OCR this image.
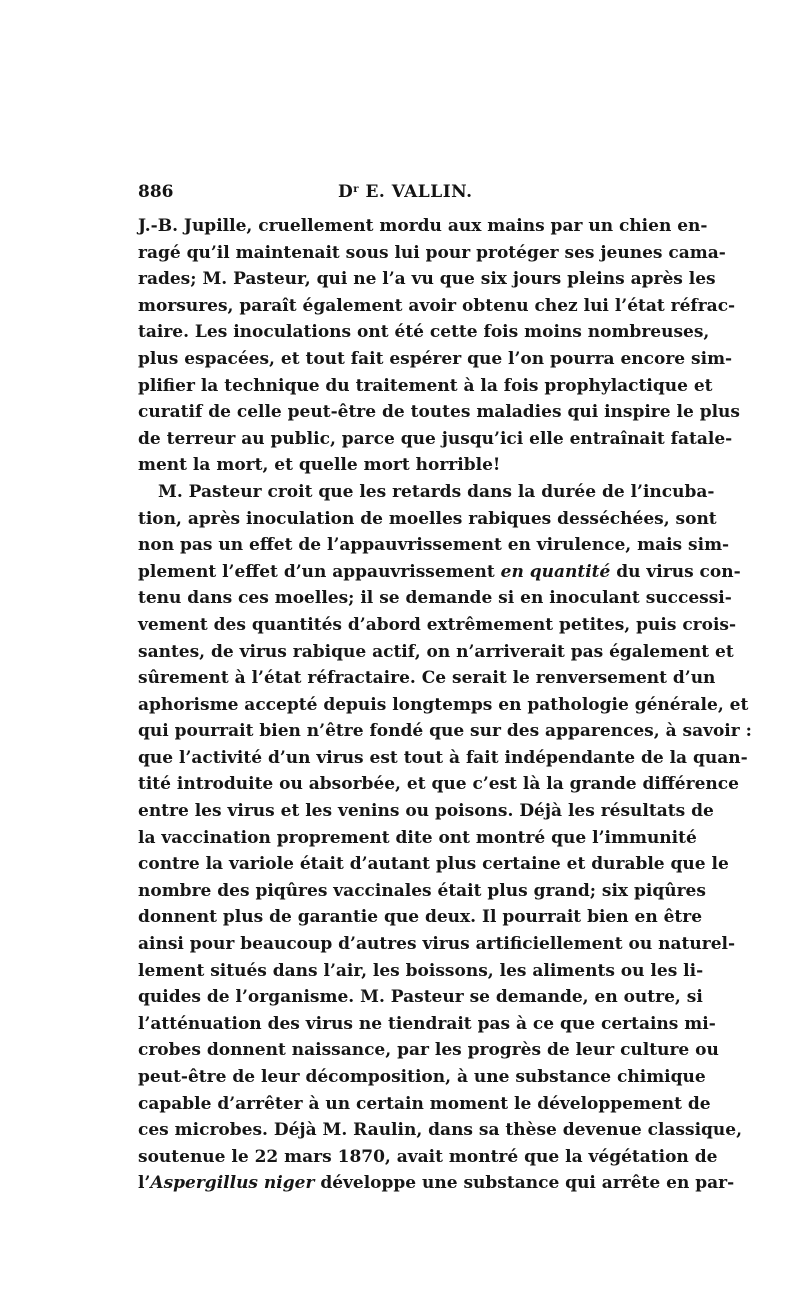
886	$D^r$ E. VALLIN.
J.-B. Jupille, cruellement mordu aux mains par un chien en-
ragé qu’il maintenait sous lui pour protéger ses jeunes cama-
rades; M. Pasteur, qui ne l’a vu que six jours pleins après les
morsures, paraît également avoir obtenu chez lui l’état réfrac-
taire. Les inoculations ont été cette fois moins nombreuses,
plus espacées, et tout fait espérer que l’on pourra encore sim-
plifier la technique du traitement à la fois prophylactique et
curatif de celle peut-être de toutes maladies qui inspire le plus
de terreur au public, parce que jusqu’ici elle entraînait fatale-
ment la mort, et quelle mort horrible!
M. Pasteur croit que les retards dans la durée de l’incuba-
tion, après inoculation de moelles rabiques desséchées, sont
non pas un effet de l’appauvrissement en virulence, mais sim-
plement l’effet d’un appauvrissement en quantité du virus con-
tenu dans ces moelles; il se demande si en inoculant successi-
vement des quantités d’abord extrêmement petites, puis crois-
santes, de virus rabique actif, on n’arriverait pas également et
sûrement à l’état réfractaire. Ce serait le renversement d’un
aphorisme accepté depuis longtemps en pathologie générale, et
qui pourrait bien n’être fondé que sur des apparences, à savoir :
que l’activité d’un virus est tout à fait indépendante de la quan-
tité introduite ou absorbée, et que c’est là la grande différence
entre les virus et les venins ou poisons. Déjà les résultats de
la vaccination proprement dite ont montré que l’immunité
contre la variole était d’autant plus certaine et durable que le
nombre des piqûres vaccinales était plus grand; six piqûres
donnent plus de garantie que deux. Il pourrait bien en être
ainsi pour beaucoup d’autres virus artificiellement ou naturel-
lement situés dans l’air, les boissons, les aliments ou les li-
quides de l’organisme. M. Pasteur se demande, en outre, si
l’atténuation des virus ne tiendrait pas à ce que certains mi-
crobes donnent naissance, par les progrès de leur culture ou
peut-être de leur décomposition, à une substance chimique
capable d’arrêter à un certain moment le développement de
ces microbes. Déjà M. Raulin, dans sa thèse devenue classique,
soutenue le 22 mars 1870, avait montré que la végétation de
l’Aspergillus niger développe une substance qui arrête en par-
